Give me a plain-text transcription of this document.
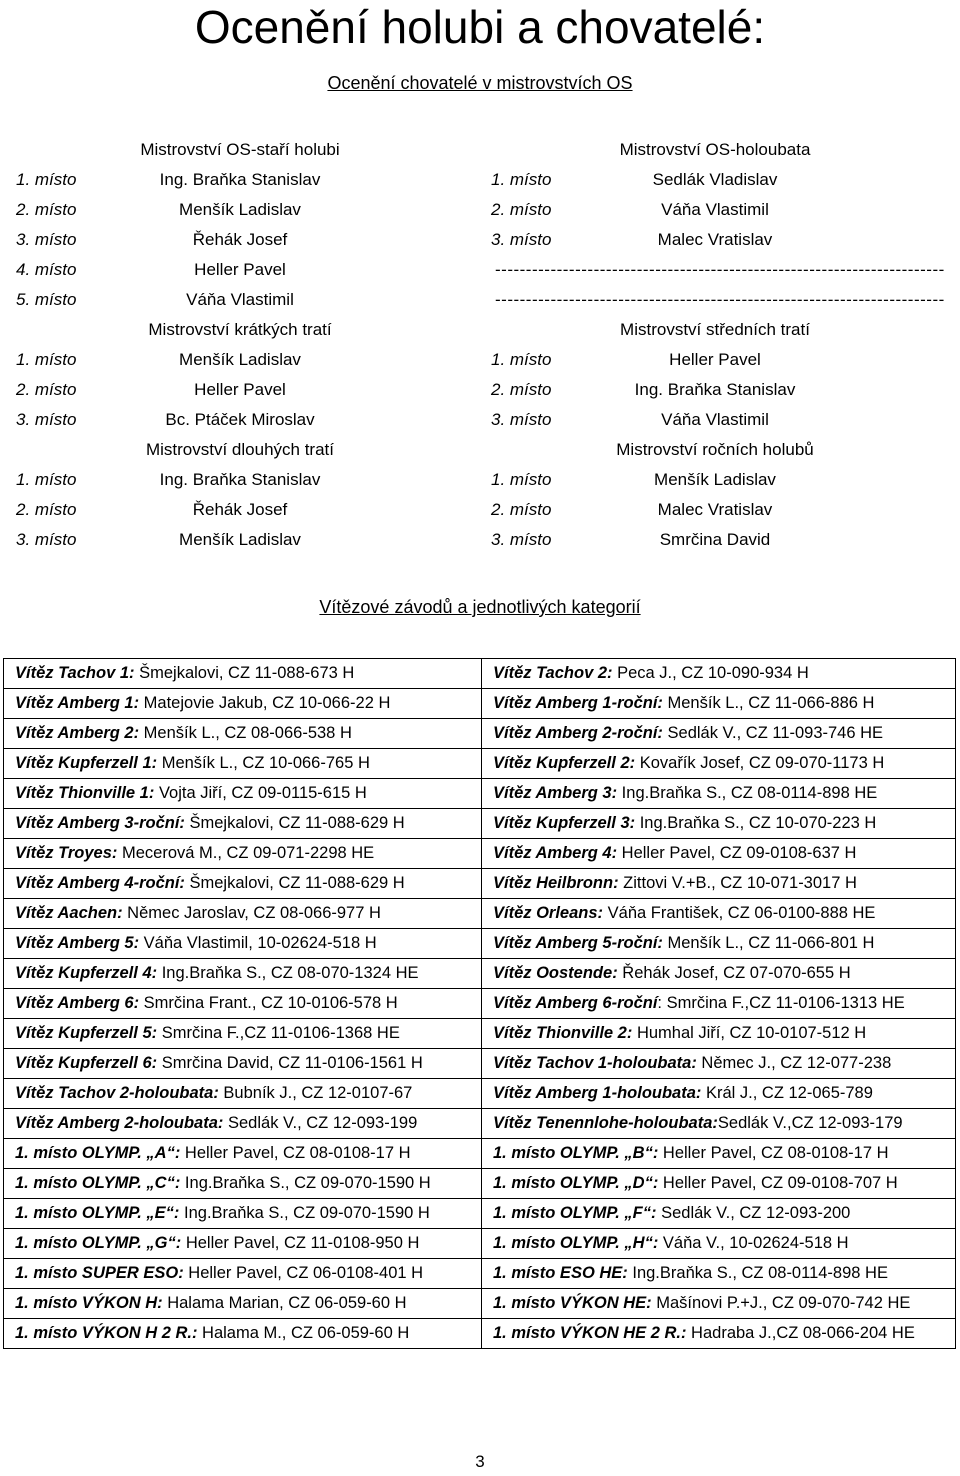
Ocenění holubi a chovatelé:
Ocenění chovatelé v mistrovstvích OS
Mistrovství OS-staří holubi	Mistrovství OS-holoubata
1. místo	Ing. Braňka Stanislav	1. místo	Sedlák Vladislav
2. místo	Menšík Ladislav	2. místo	Váňa Vlastimil
3. místo	Řehák Josef	3. místo	Malec Vratislav
4. místo	Heller Pavel	-------------------------------------------------------------------------
5. místo	Váňa Vlastimil	-------------------------------------------------------------------------
Mistrovství krátkých tratí	Mistrovství středních tratí
1. místo	Menšík Ladislav	1. místo	Heller Pavel
2. místo	Heller Pavel	2. místo	Ing. Braňka Stanislav
3. místo	Bc. Ptáček Miroslav	3. místo	Váňa Vlastimil
Mistrovství dlouhých tratí	Mistrovství ročních holubů
1. místo	Ing. Braňka Stanislav	1. místo	Menšík Ladislav
2. místo	Řehák Josef	2. místo	Malec Vratislav
3. místo	Menšík Ladislav	3. místo	Smrčina David
Vítězové závodů a jednotlivých kategorií
Vítěz Tachov 1: Šmejkalovi, CZ 11-088-673 H	Vítěz Tachov 2: Peca J., CZ 10-090-934 H
Vítěz Amberg 1: Matejovie Jakub, CZ 10-066-22 H	Vítěz Amberg 1-roční: Menšík L., CZ 11-066-886 H
Vítěz Amberg 2: Menšík L., CZ 08-066-538 H	Vítěz Amberg 2-roční: Sedlák V., CZ 11-093-746 HE
Vítěz Kupferzell 1: Menšík L., CZ 10-066-765 H	Vítěz Kupferzell 2: Kovařík Josef, CZ 09-070-1173 H
Vítěz Thionville 1: Vojta Jiří, CZ 09-0115-615 H	Vítěz Amberg 3: Ing.Braňka S., CZ 08-0114-898 HE
Vítěz Amberg 3-roční: Šmejkalovi, CZ 11-088-629 H	Vítěz Kupferzell 3: Ing.Braňka S., CZ 10-070-223 H
Vítěz Troyes: Mecerová M., CZ 09-071-2298 HE	Vítěz Amberg 4: Heller Pavel, CZ 09-0108-637 H
Vítěz Amberg 4-roční: Šmejkalovi, CZ 11-088-629 H	Vítěz Heilbronn: Zittovi V.+B., CZ 10-071-3017 H
Vítěz Aachen: Němec Jaroslav, CZ 08-066-977 H	Vítěz Orleans: Váňa František, CZ 06-0100-888 HE
Vítěz Amberg 5: Váňa Vlastimil, 10-02624-518 H	Vítěz Amberg 5-roční: Menšík L., CZ 11-066-801 H
Vítěz Kupferzell 4: Ing.Braňka S., CZ 08-070-1324 HE	Vítěz Oostende: Řehák Josef, CZ 07-070-655 H
Vítěz Amberg 6: Smrčina Frant., CZ 10-0106-578 H	Vítěz Amberg 6-roční: Smrčina F.,CZ 11-0106-1313 HE
Vítěz Kupferzell 5: Smrčina F.,CZ 11-0106-1368 HE	Vítěz Thionville 2: Humhal Jiří, CZ 10-0107-512 H
Vítěz Kupferzell 6: Smrčina David, CZ 11-0106-1561 H	Vítěz Tachov 1-holoubata: Němec J., CZ 12-077-238
Vítěz Tachov 2-holoubata: Bubník J., CZ 12-0107-67	Vítěz Amberg 1-holoubata: Král J., CZ 12-065-789
Vítěz Amberg 2-holoubata: Sedlák V., CZ 12-093-199	Vítěz Tenennlohe-holoubata:Sedlák V.,CZ 12-093-179
1. místo OLYMP. „A“: Heller Pavel, CZ 08-0108-17 H	1. místo OLYMP. „B“: Heller Pavel, CZ 08-0108-17 H
1. místo OLYMP. „C“: Ing.Braňka S., CZ 09-070-1590 H	1. místo OLYMP. „D“: Heller Pavel, CZ 09-0108-707 H
1. místo OLYMP. „E“: Ing.Braňka S., CZ 09-070-1590 H	1. místo OLYMP. „F“: Sedlák V., CZ 12-093-200
1. místo OLYMP. „G“: Heller Pavel, CZ 11-0108-950 H	1. místo OLYMP. „H“: Váňa V., 10-02624-518 H
1. místo SUPER ESO: Heller Pavel, CZ 06-0108-401 H	1. místo ESO HE: Ing.Braňka S., CZ 08-0114-898 HE
1. místo VÝKON H: Halama Marian, CZ 06-059-60 H	1. místo VÝKON HE: Mašínovi P.+J., CZ 09-070-742 HE
1. místo VÝKON H 2 R.: Halama M., CZ 06-059-60 H	1. místo VÝKON HE 2 R.: Hadraba J.,CZ 08-066-204 HE
3
